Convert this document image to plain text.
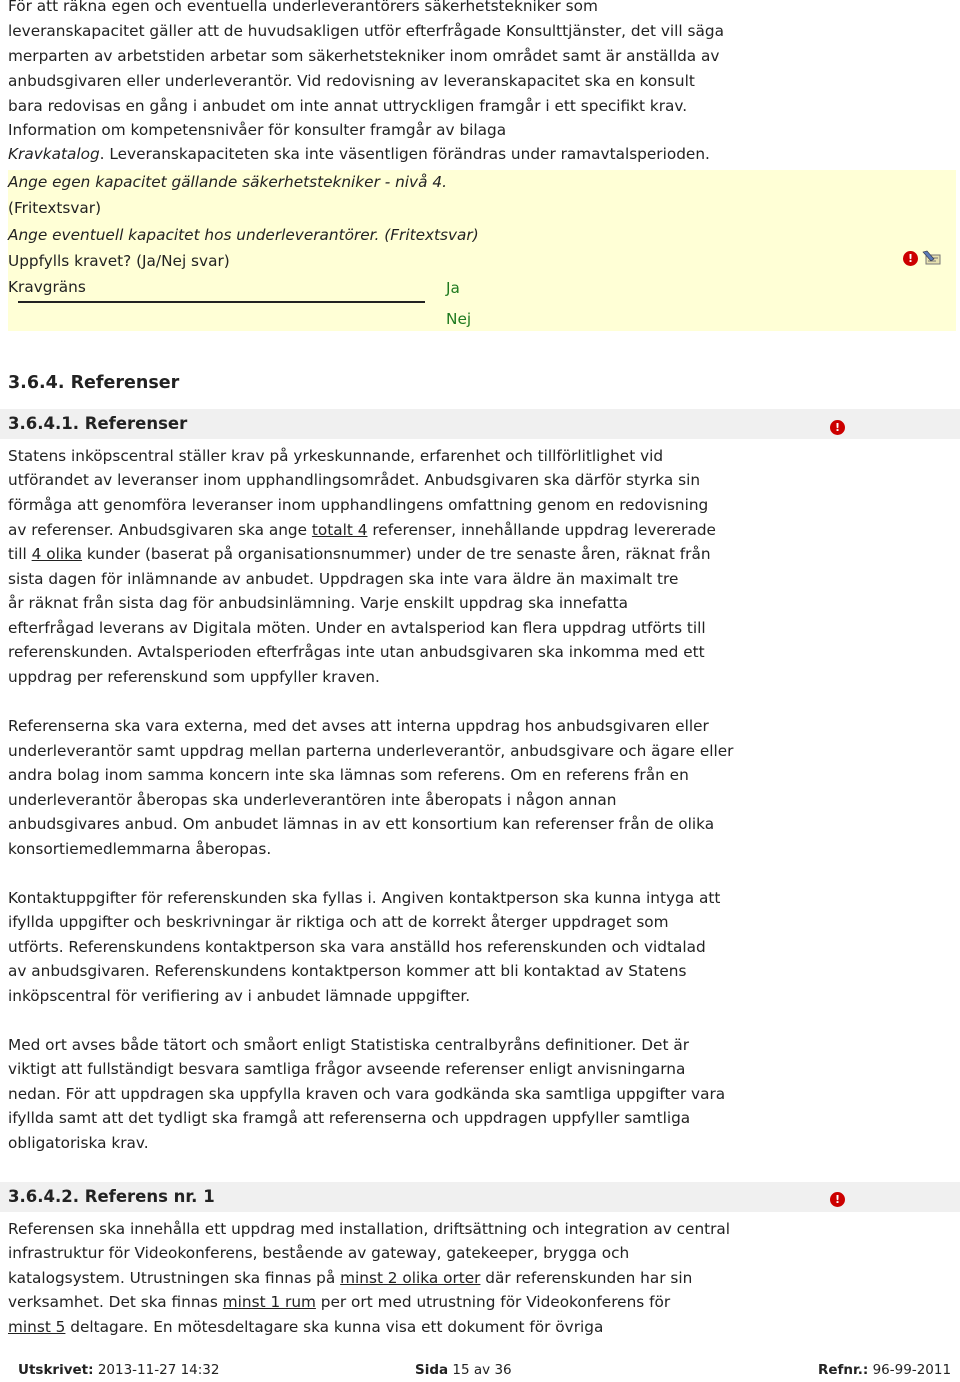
För att räkna egen och eventuella underleverantörers säkerhetstekniker som
leveranskapacitet gäller att de huvudsakligen utför efterfrågade Konsulttjänster, det vill säga
merparten av arbetstiden arbetar som säkerhetstekniker inom området samt är anställda av
anbudsgivaren eller underleverantör. Vid redovisning av leveranskapacitet ska en konsult
bara redovisas en gång i anbudet om inte annat uttryckligen framgår i ett specifikt krav.
Information om kompetensnivåer för konsulter framgår av bilaga
Kravkatalog. Leveranskapaciteten ska inte väsentligen förändras under ramavtalsperioden.
Ange egen kapacitet gällande säkerhetstekniker - nivå 4.
(Fritextsvar)
Ange eventuell kapacitet hos underleverantörer. (Fritextsvar)
Uppfylls kravet? (Ja/Nej svar)
Kravgräns	Ja
Nej
!
3.6.4. Referenser
3.6.4.1. Referenser	!
Statens inköpscentral ställer krav på yrkeskunnande, erfarenhet och tillförlitlighet vid
utförandet av leveranser inom upphandlingsområdet. Anbudsgivaren ska därför styrka sin
förmåga att genomföra leveranser inom upphandlingens omfattning genom en redovisning
av referenser. Anbudsgivaren ska ange totalt 4 referenser, innehållande uppdrag levererade
till 4 olika kunder (baserat på organisationsnummer) under de tre senaste åren, räknat från
sista dagen för inlämnande av anbudet. Uppdragen ska inte vara äldre än maximalt tre
år räknat från sista dag för anbudsinlämning. Varje enskilt uppdrag ska innefatta
efterfrågad leverans av Digitala möten. Under en avtalsperiod kan flera uppdrag utförts till
referenskunden. Avtalsperioden efterfrågas inte utan anbudsgivaren ska inkomma med ett
uppdrag per referenskund som uppfyller kraven.
Referenserna ska vara externa, med det avses att interna uppdrag hos anbudsgivaren eller
underleverantör samt uppdrag mellan parterna underleverantör, anbudsgivare och ägare eller
andra bolag inom samma koncern inte ska lämnas som referens. Om en referens från en
underleverantör åberopas ska underleverantören inte åberopats i någon annan
anbudsgivares anbud. Om anbudet lämnas in av ett konsortium kan referenser från de olika
konsortiemedlemmarna åberopas.
Kontaktuppgifter för referenskunden ska fyllas i. Angiven kontaktperson ska kunna intyga att
ifyllda uppgifter och beskrivningar är riktiga och att de korrekt återger uppdraget som
utförts. Referenskundens kontaktperson ska vara anställd hos referenskunden och vidtalad
av anbudsgivaren. Referenskundens kontaktperson kommer att bli kontaktad av Statens
inköpscentral för verifiering av i anbudet lämnade uppgifter.
Med ort avses både tätort och småort enligt Statistiska centralbyråns definitioner. Det är
viktigt att fullständigt besvara samtliga frågor avseende referenser enligt anvisningarna
nedan. För att uppdragen ska uppfylla kraven och vara godkända ska samtliga uppgifter vara
ifyllda samt att det tydligt ska framgå att referenserna och uppdragen uppfyller samtliga
obligatoriska krav.
3.6.4.2. Referens nr. 1	!
Referensen ska innehålla ett uppdrag med installation, driftsättning och integration av central
infrastruktur för Videokonferens, bestående av gateway, gatekeeper, brygga och
katalogsystem. Utrustningen ska finnas på minst 2 olika orter där referenskunden har sin
verksamhet. Det ska finnas minst 1 rum per ort med utrustning för Videokonferens för
minst 5 deltagare. En mötesdeltagare ska kunna visa ett dokument för övriga
Utskrivet: 2013-11-27 14:32	Sida 15 av 36	Refnr.: 96-99-2011
